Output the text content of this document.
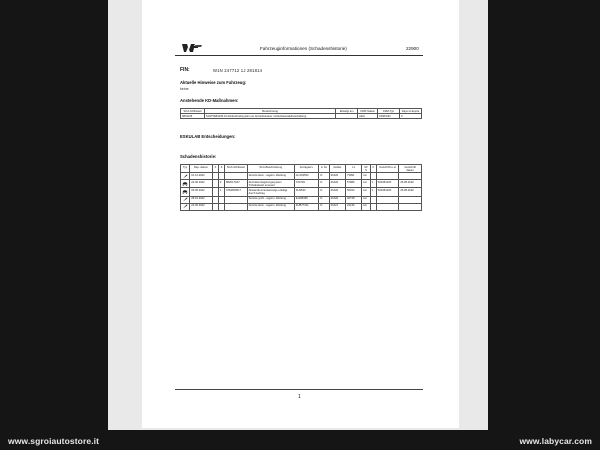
Fahrzeuginformationen (Schadenshistorie)	22900
FIN:	W1N 247712 1J 281814
Aktuelle Hinweise zum Fahrzeug:
keine
Anstehende KD-Maßnahmen:
SCA-Schlüssel	Bezeichnung	Erledigt am	KDM Status	KDM-Typ	Days to Expire
0891136	SCM*0981196 10 Reifendrucksystem an Antriebstrainer mit Einfassraddrutschaltung		Aktiv	KDM/HIN	0
ESKULAB Entscheidungen:
Schadenshistorie:
Typ	Rep.-datum	X	#	SCA-Schlüssel	SCA-Beschreibung	Antragserv.	L/ Ko	Gebiet	LL	M/ S	C	Gutschrift e-st	Gutschrift datum

	01.12.2022				Service klein - regelm. Wartung	AU103534	D	21620	73991	km			

	24.06.2022		2	8820170A7	Zentralverriegelungssystem Türkabelsatz erneuert	T23729	D	21620	57986	km	1	000351200	26.05.2022

	06.05.2022		1	0784650517	Abstandmomentanzeige erledigt durch Auftrag	SU9633	D	21620	56344	km	1	000351200	26.05.2022

	28.01.2022				Service groß - regelm. Wartung	E-E86365	D	21620	46748	km			

	22.06.2022				Service klein - regelm. Wartung	KUB77311	D	21621	24136	km			
1
www.sgroiautostore.it	www.labycar.com
